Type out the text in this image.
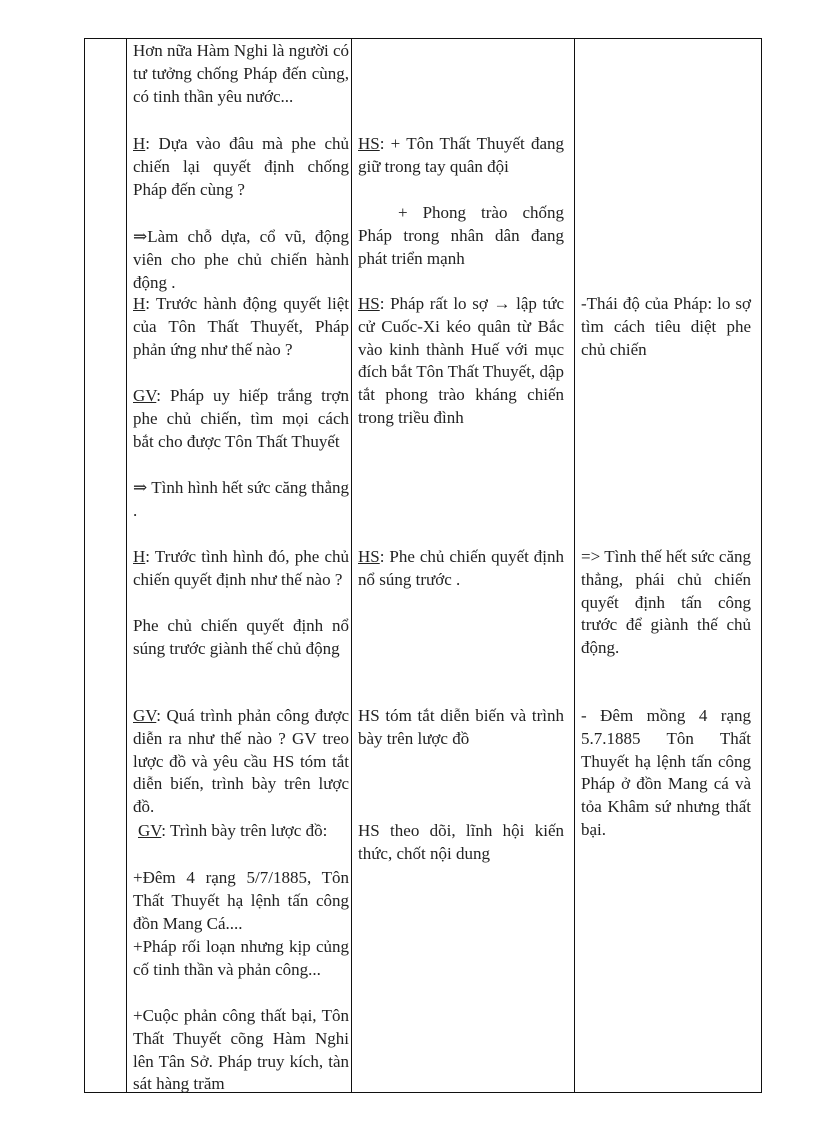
Hơn nữa Hàm Nghi là người có tư tưởng chống Pháp đến cùng, có tinh thần yêu nước...

H: Dựa vào đâu mà phe chủ chiến lại quyết định chống Pháp đến cùng ?

⇒Làm chỗ dựa, cổ vũ, động viên cho phe chủ chiến hành động .

H: Trước hành động quyết liệt của Tôn Thất Thuyết, Pháp phản ứng như thế nào ?

GV: Pháp uy hiếp trắng trợn phe chủ chiến, tìm mọi cách bắt cho được Tôn Thất Thuyết

⇒ Tình hình hết sức căng thẳng .

H: Trước tình hình đó, phe chủ chiến quyết định như thế nào ?

Phe chủ chiến quyết định nổ súng trước giành thế chủ động

GV: Quá trình phản công được diễn ra như thế nào ? GV treo lược đồ và yêu cầu HS tóm tắt diễn biến, trình bày trên lược đồ.

GV: Trình bày trên lược đồ:

+Đêm 4 rạng 5/7/1885, Tôn Thất Thuyết hạ lệnh tấn công đồn Mang Cá....

+Pháp rối loạn nhưng kịp củng cố tinh thần và phản công...

+Cuộc phản công thất bại, Tôn Thất Thuyết cõng Hàm Nghi lên Tân Sở. Pháp truy kích, tàn sát hàng trăm

HS: + Tôn Thất Thuyết đang giữ trong tay quân đội

+ Phong trào chống Pháp trong nhân dân đang phát triển mạnh

HS: Pháp rất lo sợ → lập tức cử Cuốc-Xi kéo quân từ Bắc vào kinh thành Huế với mục đích bắt Tôn Thất Thuyết, dập tắt phong trào kháng chiến trong triều đình

HS: Phe chủ chiến quyết định nổ súng trước .

HS tóm tắt diễn biến và trình bày trên lược đồ

HS theo dõi, lĩnh hội kiến thức, chốt nội dung

-Thái độ của Pháp: lo sợ tìm cách tiêu diệt phe chủ chiến

=> Tình thế hết sức căng thẳng, phái chủ chiến quyết định tấn công trước để giành thế chủ động.

- Đêm mồng 4 rạng 5.7.1885 Tôn Thất Thuyết hạ lệnh tấn công Pháp ở đồn Mang cá và tỏa Khâm sứ nhưng thất bại.
